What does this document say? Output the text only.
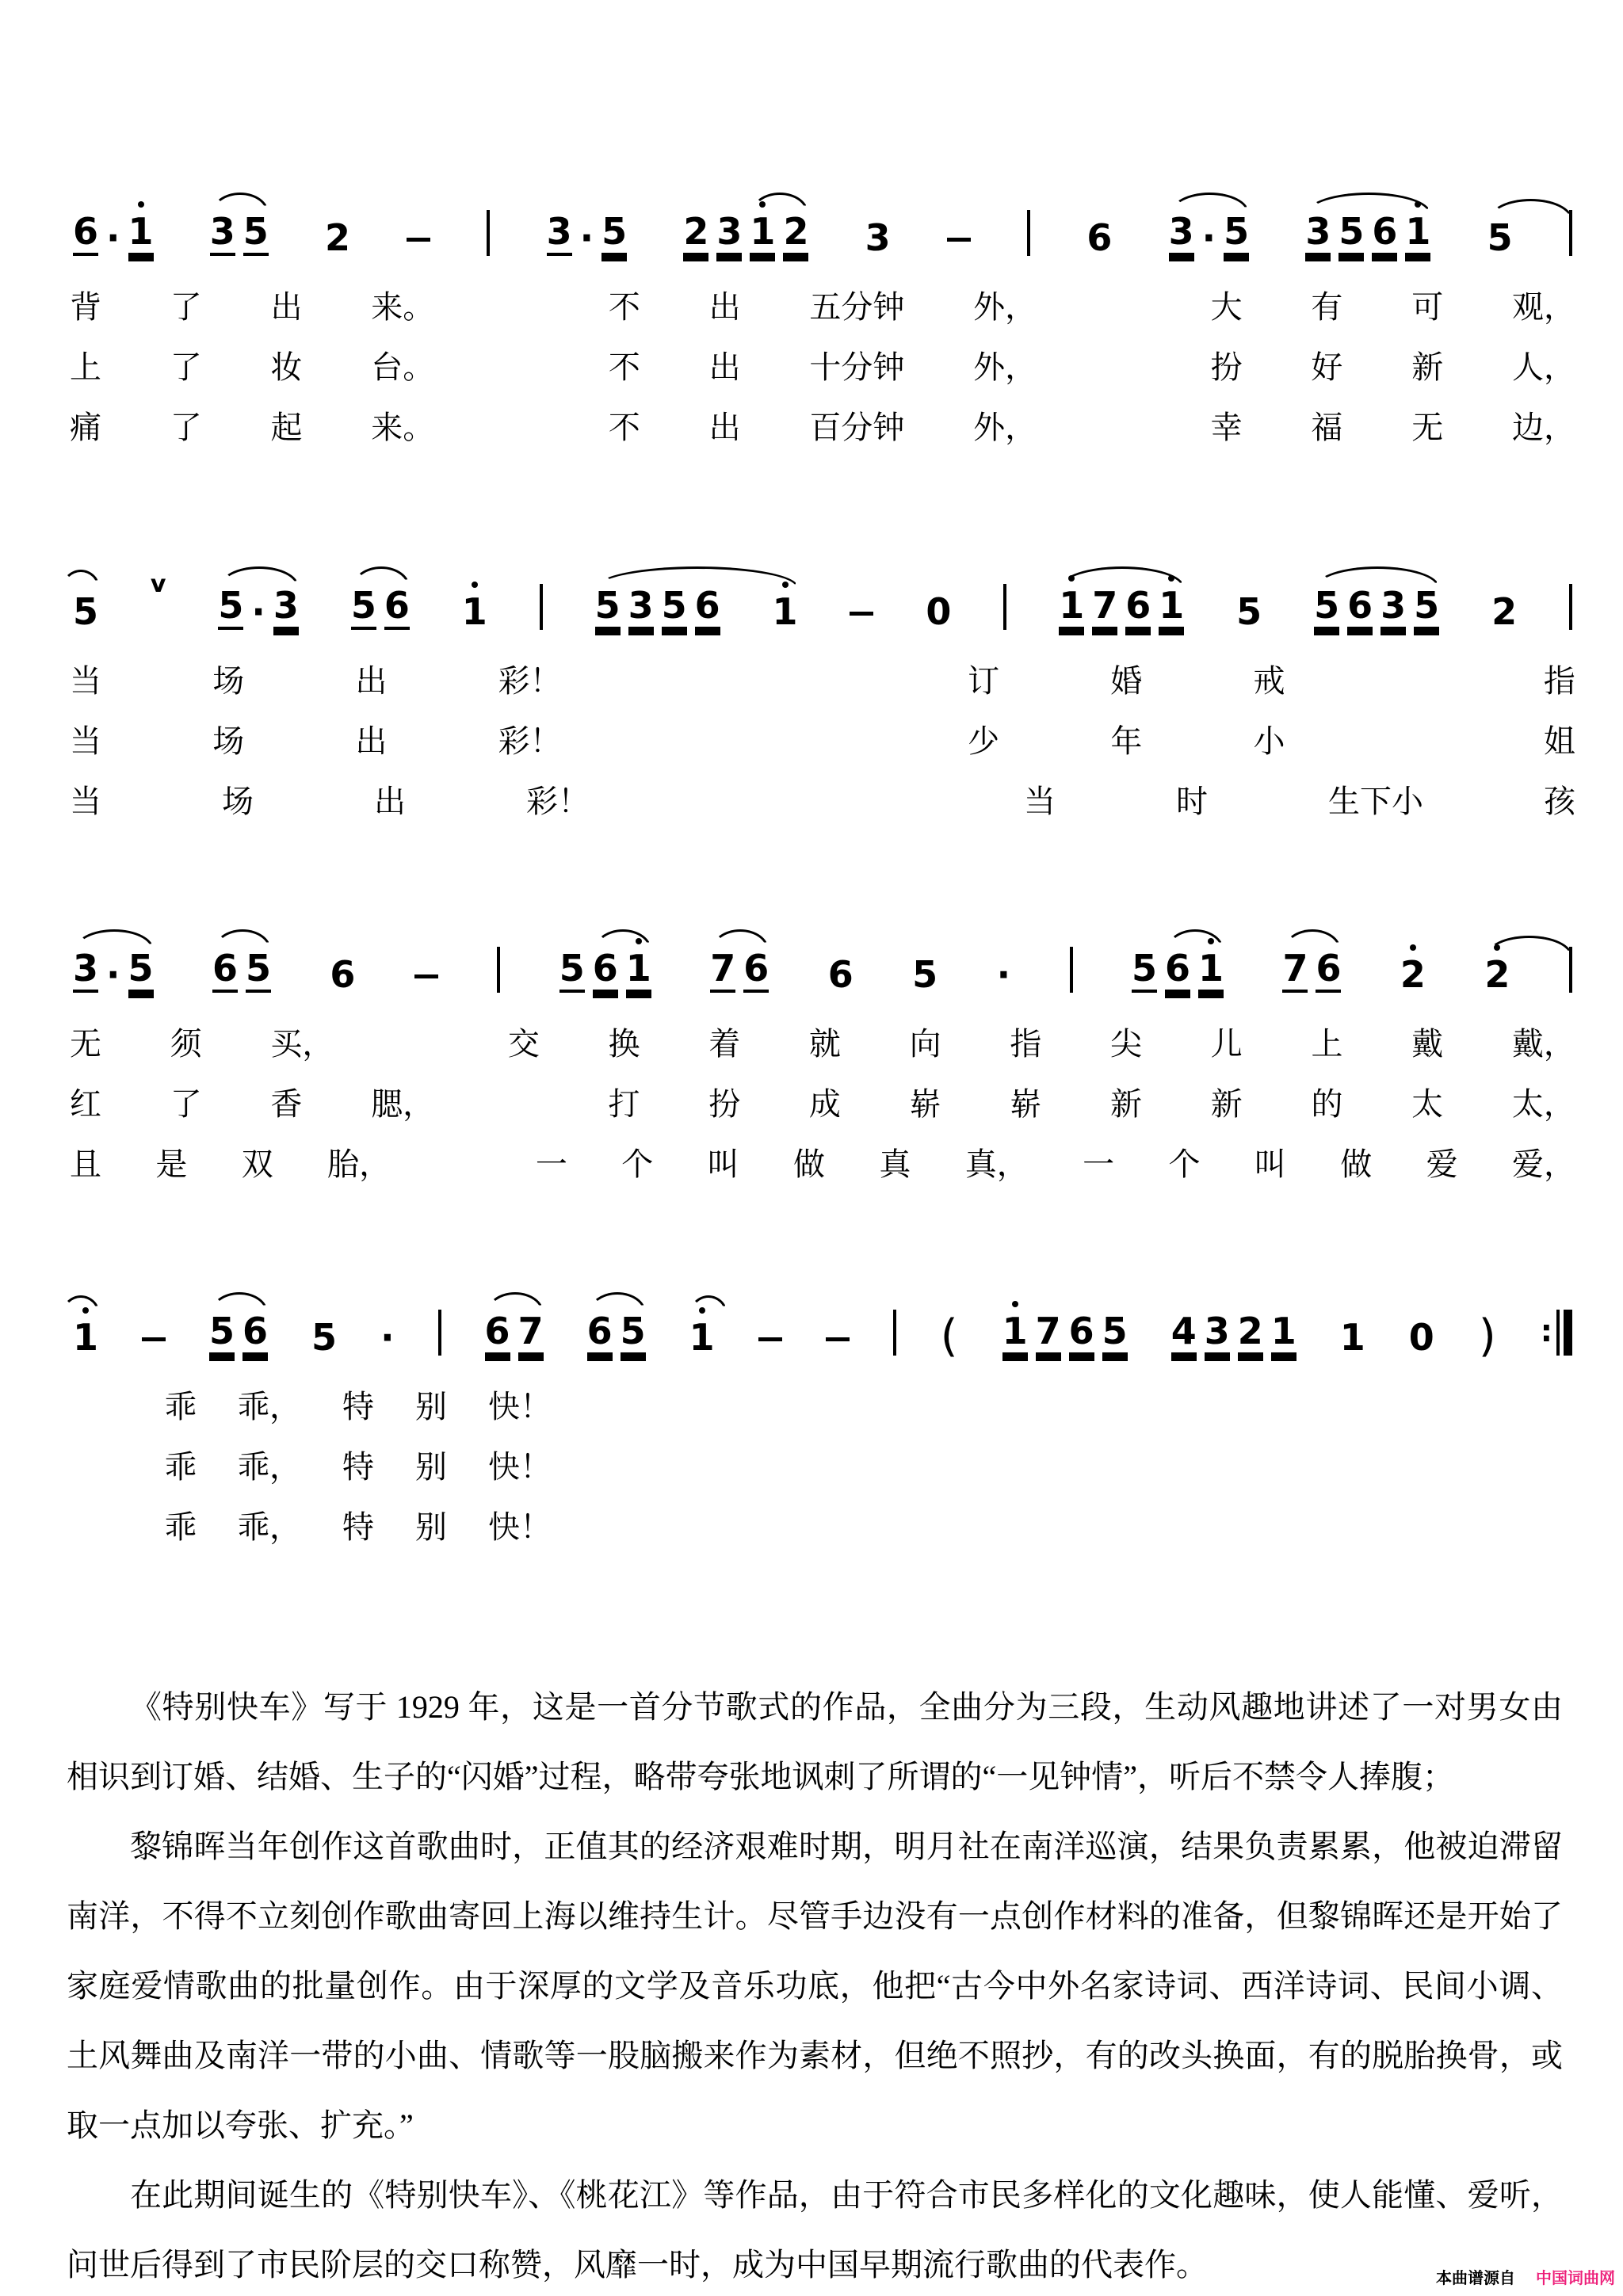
6 · 1 3 5 2	3 · 5 2 3 1 2 3	6 3 · 5 3 5 6 1 5
背 了 出 来。	不 出 五分钟 外，	大 有 可 观，
上 了 妆 台。	不 出 十分钟 外，	扮 好 新 人，
痛 了 起 来。	不 出 百分钟 外，	幸 福 无 边，
5
v 5 · 3 5 6 1	5 3 5 6 1	0	1 7 6 1 5 5 6 3 5 2
当	场	出	彩！	订	婚	戒	指
当	场	出	彩！	少	年	小	姐
当	场	出	彩！	当	时	生下小	孩
3 · 5 6 5 6	5 6 1 7 6 6 5 ·	5 6 1 7 6 2 2
无 须 买，	交 换 着 就 向 指 尖 儿 上 戴 戴，
红 了 香 腮，	打 扮 成 崭 崭 新 新 的 太 太，
且 是 双 胎，	一 个 叫 做 真 真， 一 个 叫 做 爱 爱，
1	5 6 5 · 6 7 6 5 1	( 1 7 6 5 4 3 2 1 1 0 ) :
乖 乖， 特 别 快！
乖 乖， 特 别 快！
乖 乖， 特 别 快！

《特别快车》写于 1929 年，这是一首分节歌式的作品，全曲分为三段，生动风趣地讲述了一对男女由相识到订婚、结婚、生子的“闪婚”过程，略带夸张地讽刺了所谓的“一见钟情”，听后不禁令人捧腹；

黎锦晖当年创作这首歌曲时，正值其的经济艰难时期，明月社在南洋巡演，结果负责累累，他被迫滞留南洋，不得不立刻创作歌曲寄回上海以维持生计。尽管手边没有一点创作材料的准备，但黎锦晖还是开始了家庭爱情歌曲的批量创作。由于深厚的文学及音乐功底，他把“古今中外名家诗词、西洋诗词、民间小调、土风舞曲及南洋一带的小曲、情歌等一股脑搬来作为素材，但绝不照抄，有的改头换面，有的脱胎换骨，或取一点加以夸张、扩充。”

在此期间诞生的《特别快车》、《桃花江》等作品，由于符合市民多样化的文化趣味，使人能懂、爱听，问世后得到了市民阶层的交口称赞，风靡一时，成为中国早期流行歌曲的代表作。	本曲谱源自 中国词曲网
